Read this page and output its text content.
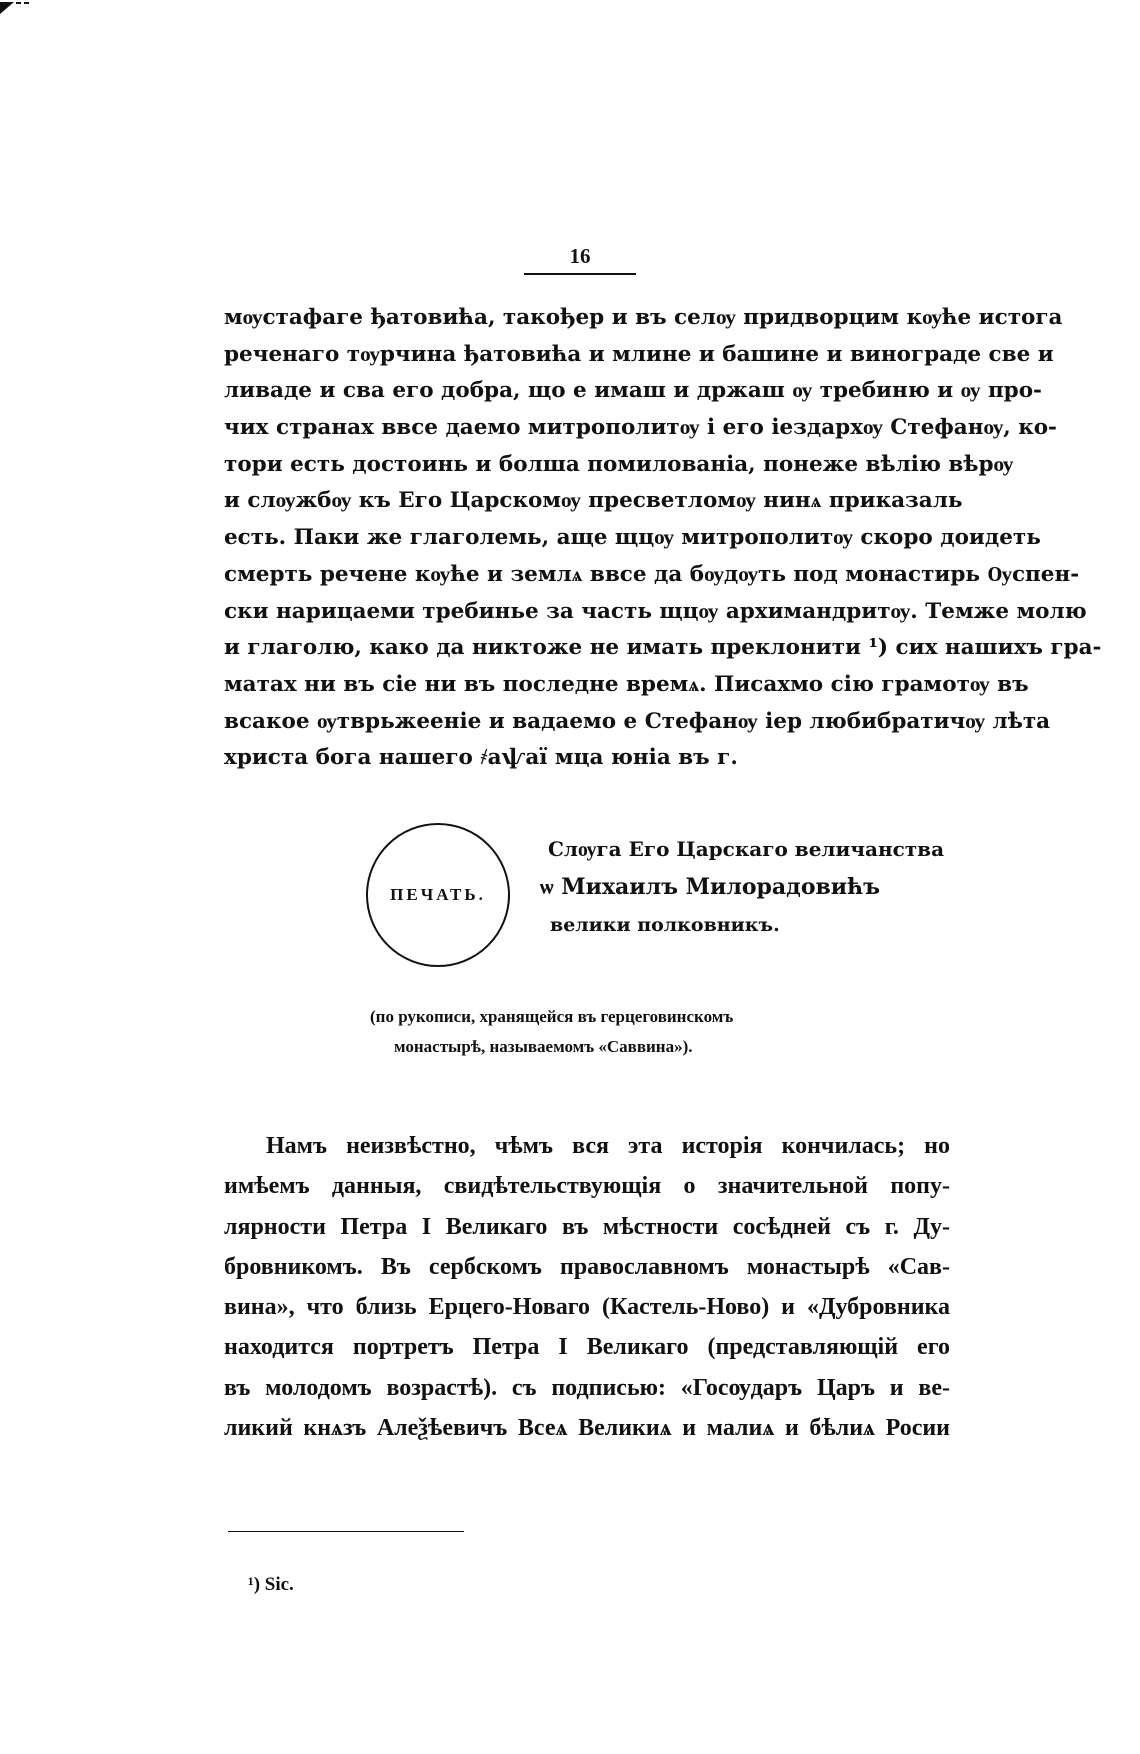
16
мѹстафаге ђатовића, такођер и въ селѹ придворцим кѹће истога
реченаго тѹрчина ђатовића и млине и башине и винограде све и
ливаде и сва его добра, що е имаш и држаш ѹ требиню и ѹ про-
чих странах ввсе даемо митрополитѹ і его іездархѹ Стефанѹ, ко-
тори есть достоинь и болша помилованіа, понеже вѣлію вѣрѹ
и слѹжбѹ къ Его Царскомѹ пресветломѹ нинѧ приказаль
есть. Паки же глаголемь, аще щцѹ митрополитѹ скоро доидеть
смерть речене кѹће и землѧ ввсе да бѹдѹть под монастирь Ѹспен-
ски нарицаеми требинье за часть щцѹ архимандритѹ. Темже молю
и глаголю, како да никтоже не имать преклонити ¹) сих нашихъ гра-
матах ни въ сіе ни въ последне времѧ. Писахмо сію грамотѹ въ
всакое ѹтврьжееніе и вадаемо е Стефанѹ іер любибратичѹ лѣта
христа бога нашего ҂аѱаї мца юніа въ г.
ПЕЧАТЬ.
Слѹга Его Царскаго величанства
ѡ Михаилъ Милорадовићъ
велики полковникъ.
(по рукописи, хранящейся въ герцеговинскомъ
монастырѣ, называемомъ «Саввина»).
Намъ неизвѣстно, чѣмъ вся эта исторія кончилась; но
имѣемъ данныя, свидѣтельствующія о значительной попу-
лярности Петра I Великаго въ мѣстности сосѣдней съ г. Ду-
бровникомъ. Въ сербскомъ православномъ монастырѣ «Сав-
вина», что близь Ерцего-Новаго (Кастель-Ново) и «Дубровника
находится портретъ Петра I Великаго (представляющій его
въ молодомъ возрастѣ). съ подписью: «Госѹдаръ Царъ и ве-
ликий кнѧзъ Алеѯѣевичъ Всеѧ Великиѧ и малиѧ и бѣлиѧ Росии
¹) Sic.
